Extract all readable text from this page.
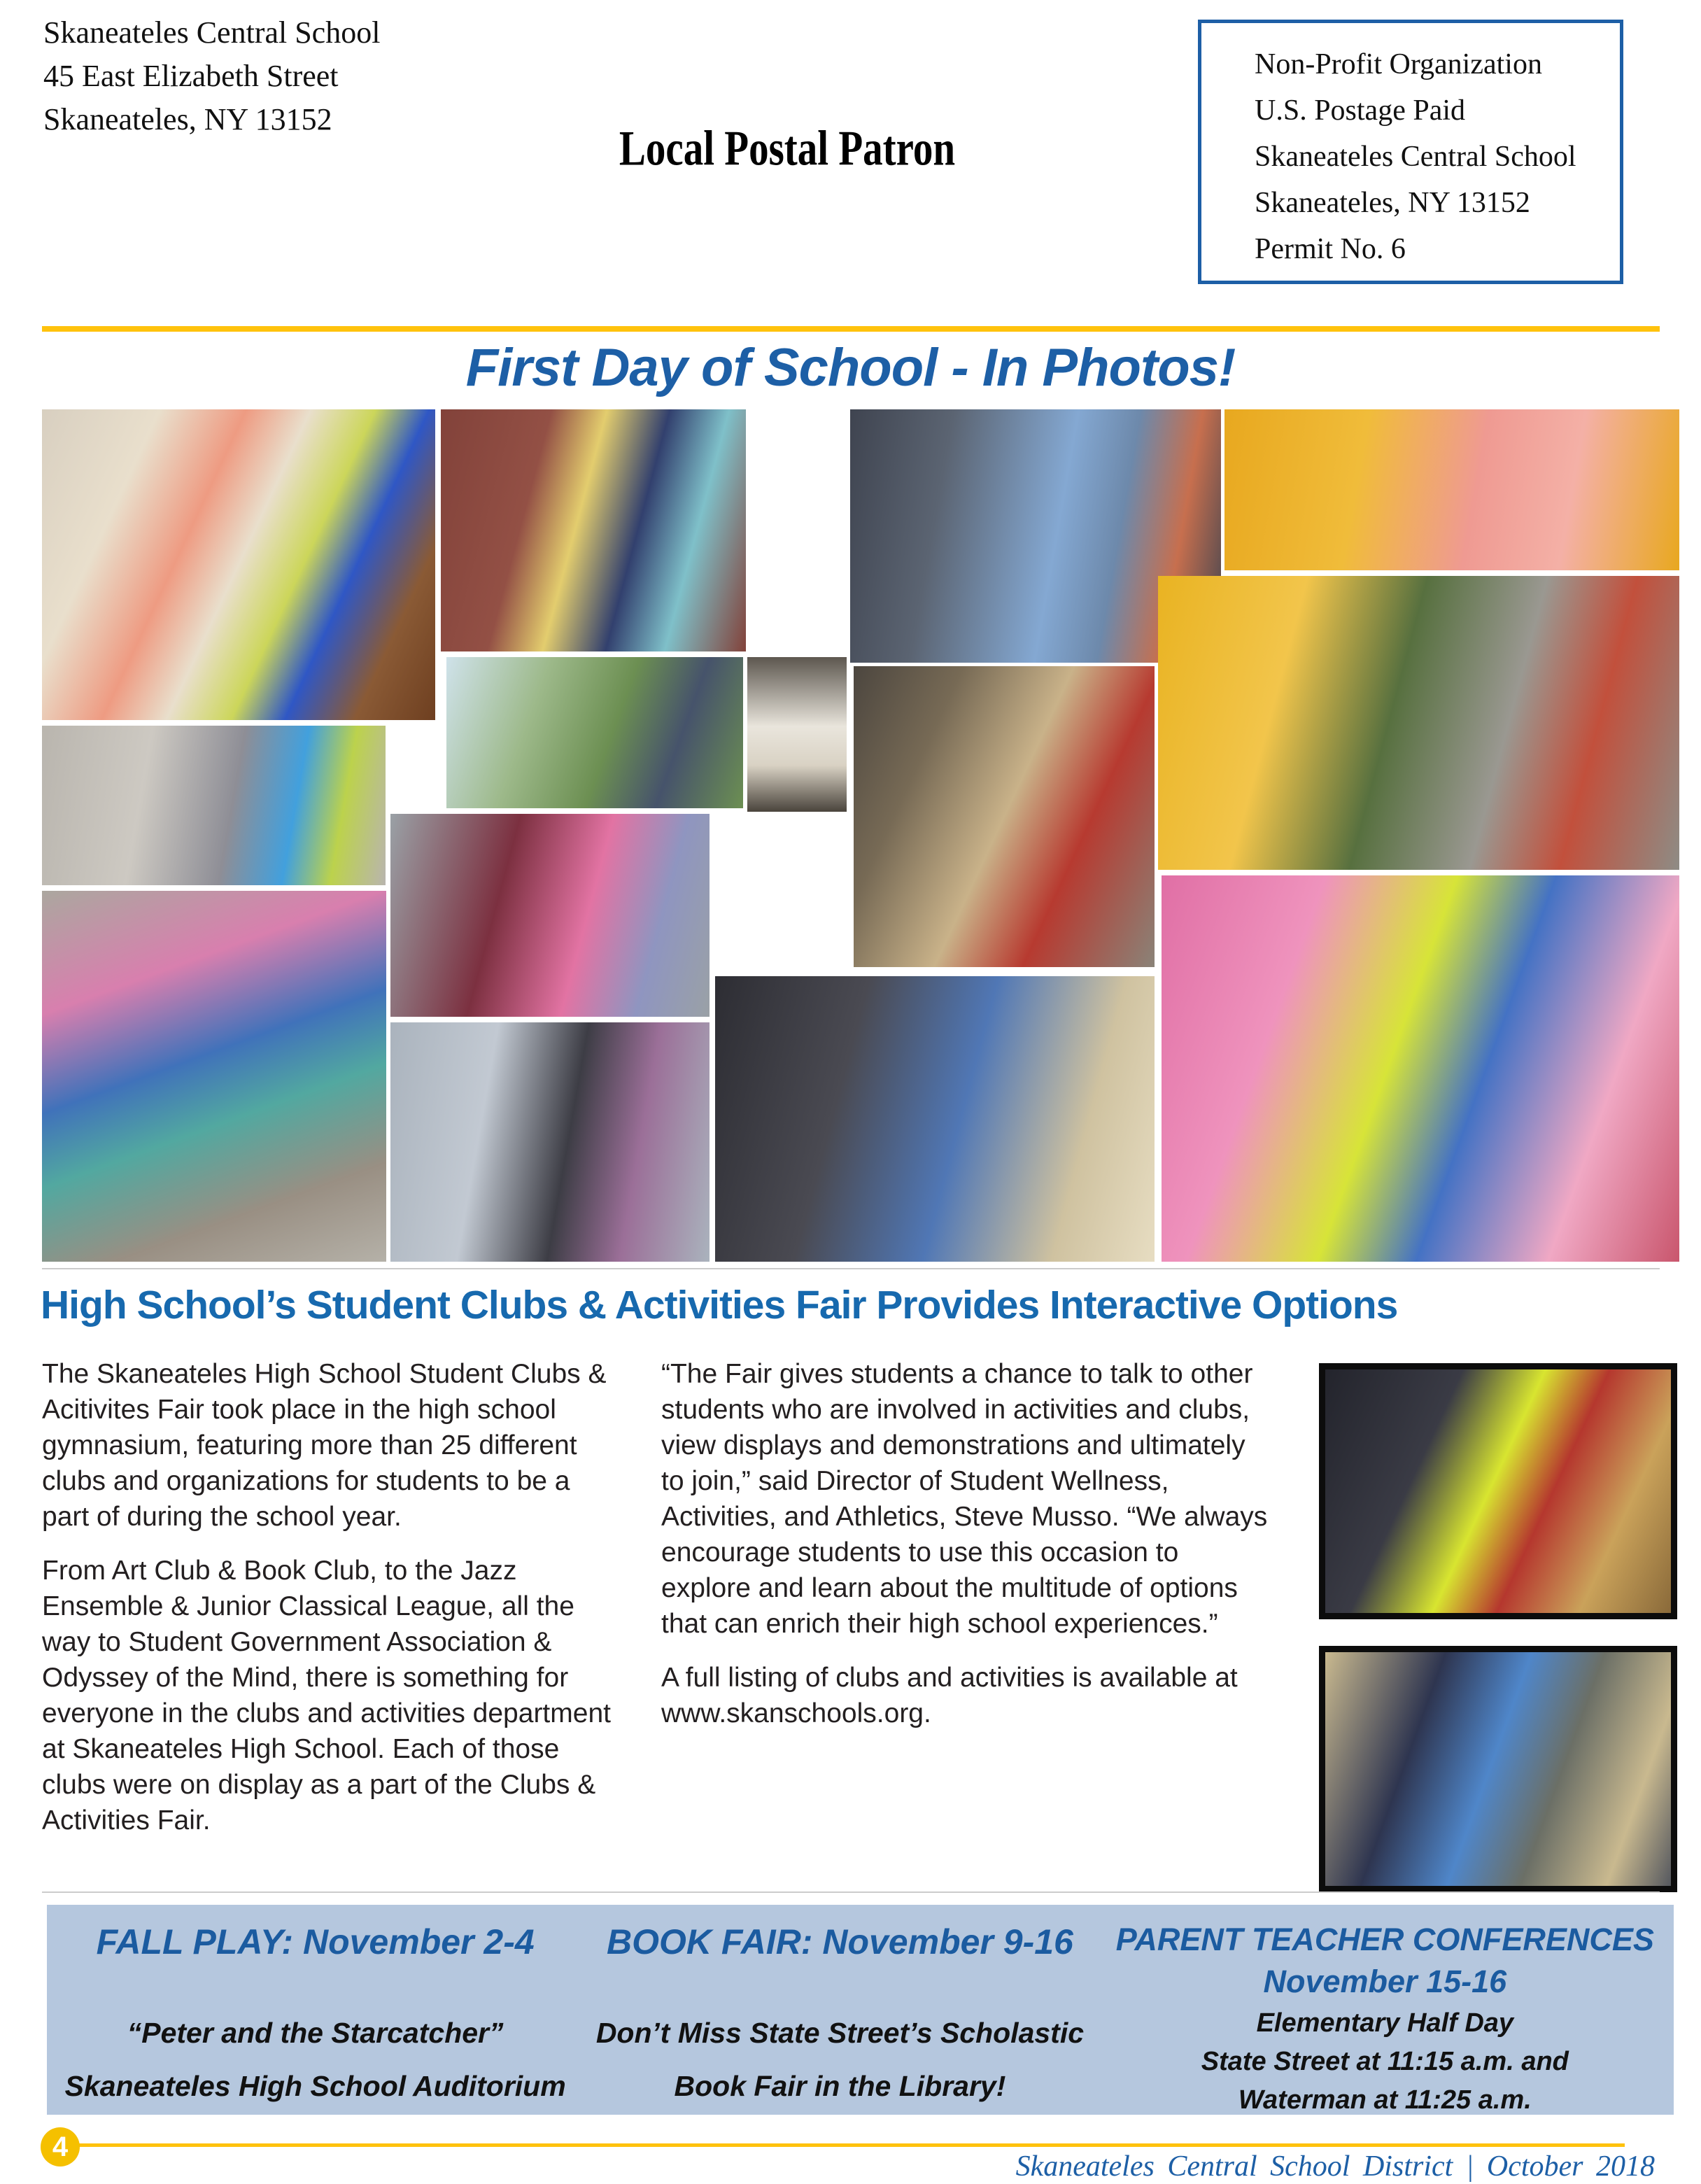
Skaneateles Central School
45 East Elizabeth Street
Skaneateles, NY 13152
Local Postal Patron
Non-Profit Organization
U.S. Postage Paid
Skaneateles Central School
Skaneateles, NY 13152
Permit No. 6
First Day of School - In Photos!
High School’s Student Clubs & Activities Fair Provides Interactive Options

The Skaneateles High School Student Clubs & Acitivites Fair took place in the high school gymnasium, featuring more than 25 different clubs and organizations for students to be a part of during the school year.

From Art Club & Book Club, to the Jazz Ensemble & Junior Classical League, all the way to Student Government Association & Odyssey of the Mind, there is something for everyone in the clubs and activities department at Skaneateles High School. Each of those clubs were on display as a part of the Clubs & Activities Fair.

“The Fair gives students a chance to talk to other students who are involved in activities and clubs, view displays and demonstrations and ultimately to join,” said Director of Student Wellness, Activities, and Athletics, Steve Musso. “We always encourage students to use this occasion to explore and learn about the multitude of options that can enrich their high school experiences.”

A full listing of clubs and activities is available at www.skanschools.org.

FALL PLAY: November 2-4
“Peter and the Starcatcher”
Skaneateles High School Auditorium
BOOK FAIR: November 9-16
Don’t Miss State Street’s Scholastic
Book Fair in the Library!
PARENT TEACHER CONFERENCES
November 15-16
Elementary Half Day
State Street at 11:15 a.m. and
Waterman at 11:25 a.m.
4
Skaneateles Central School District | October 2018
